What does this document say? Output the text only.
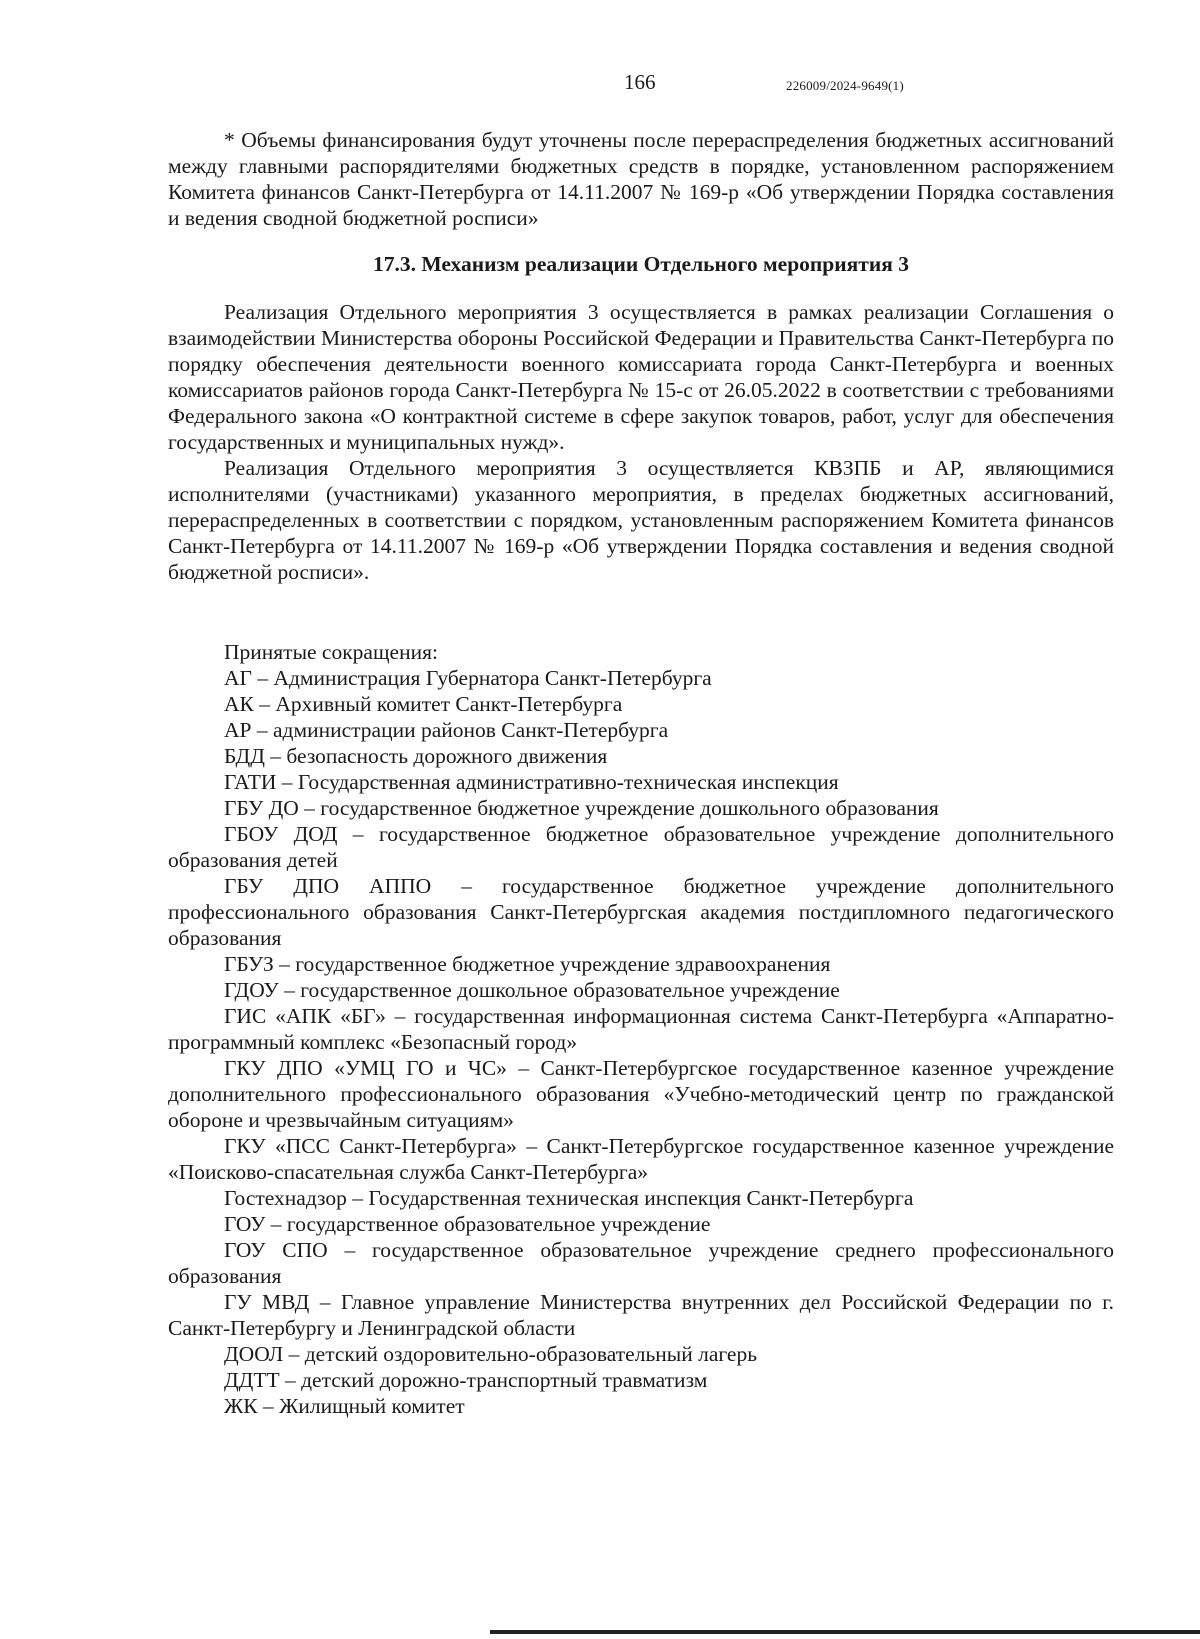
166	226009/2024-9649(1)

* Объемы финансирования будут уточнены после перераспределения бюджетных ассигнований между главными распорядителями бюджетных средств в порядке, установленном распоряжением Комитета финансов Санкт-Петербурга от 14.11.2007 № 169-р «Об утверждении Порядка составления и ведения сводной бюджетной росписи»

17.3. Механизм реализации Отдельного мероприятия 3

Реализация Отдельного мероприятия 3 осуществляется в рамках реализации Соглашения о взаимодействии Министерства обороны Российской Федерации и Правительства Санкт-Петербурга по порядку обеспечения деятельности военного комиссариата города Санкт-Петербурга и военных комиссариатов районов города Санкт-Петербурга № 15-с от 26.05.2022 в соответствии с требованиями Федерального закона «О контрактной системе в сфере закупок товаров, работ, услуг для обеспечения государственных и муниципальных нужд».

Реализация Отдельного мероприятия 3 осуществляется КВЗПБ и АР, являющимися исполнителями (участниками) указанного мероприятия, в пределах бюджетных ассигнований, перераспределенных в соответствии с порядком, установленным распоряжением Комитета финансов Санкт-Петербурга от 14.11.2007 № 169-р «Об утверждении Порядка составления и ведения сводной бюджетной росписи».

Принятые сокращения:

АГ – Администрация Губернатора Санкт-Петербурга

АК – Архивный комитет Санкт-Петербурга

АР – администрации районов Санкт-Петербурга

БДД – безопасность дорожного движения

ГАТИ – Государственная административно-техническая инспекция

ГБУ ДО – государственное бюджетное учреждение дошкольного образования

ГБОУ ДОД – государственное бюджетное образовательное учреждение дополнительного образования детей

ГБУ ДПО АППО – государственное бюджетное учреждение дополнительного профессионального образования Санкт-Петербургская академия постдипломного педагогического образования

ГБУЗ – государственное бюджетное учреждение здравоохранения

ГДОУ – государственное дошкольное образовательное учреждение

ГИС «АПК «БГ» – государственная информационная система Санкт-Петербурга «Аппаратно-программный комплекс «Безопасный город»

ГКУ ДПО «УМЦ ГО и ЧС» – Санкт-Петербургское государственное казенное учреждение дополнительного профессионального образования «Учебно-методический центр по гражданской обороне и чрезвычайным ситуациям»

ГКУ «ПСС Санкт-Петербурга» – Санкт-Петербургское государственное казенное учреждение «Поисково-спасательная служба Санкт-Петербурга»

Гостехнадзор – Государственная техническая инспекция Санкт-Петербурга

ГОУ – государственное образовательное учреждение

ГОУ СПО – государственное образовательное учреждение среднего профессионального образования

ГУ МВД – Главное управление Министерства внутренних дел Российской Федерации по г. Санкт-Петербургу и Ленинградской области

ДООЛ – детский оздоровительно-образовательный лагерь

ДДТТ – детский дорожно-транспортный травматизм

ЖК – Жилищный комитет
